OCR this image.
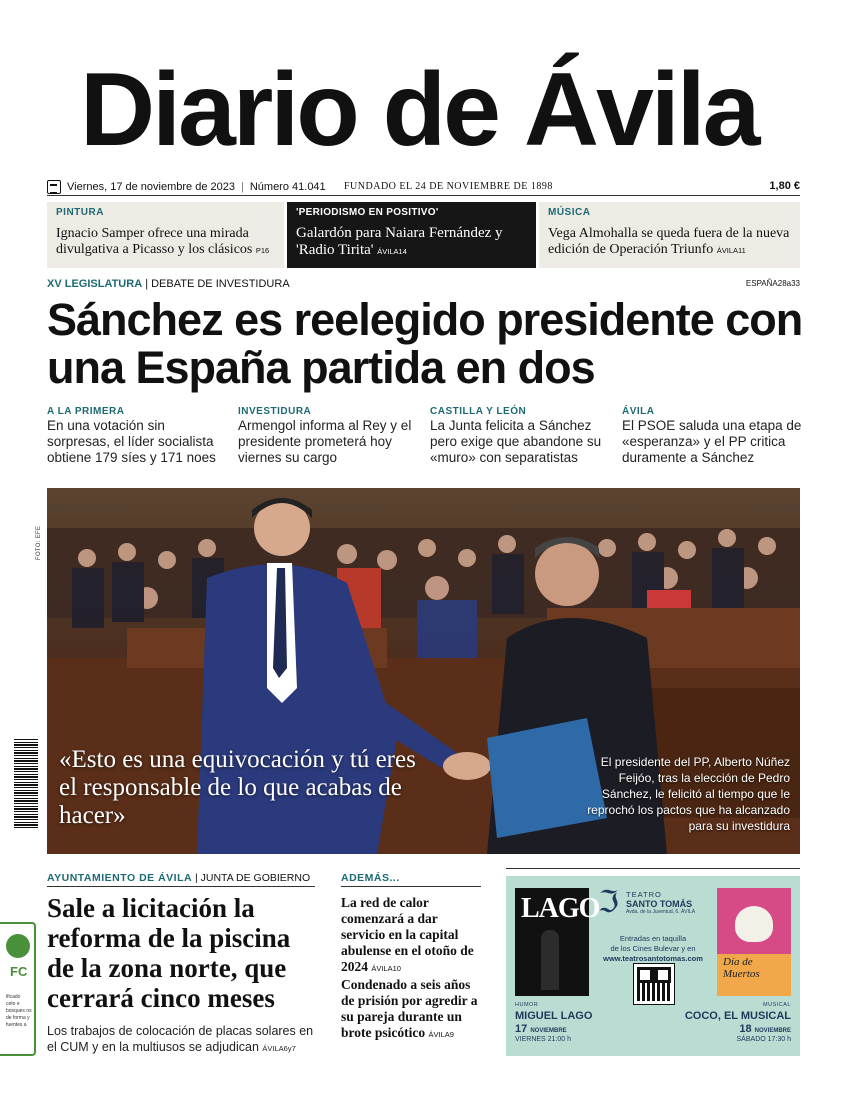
Diario de Ávila
Viernes, 17 de noviembre de 2023 | Número 41.041 FUNDADO EL 24 DE NOVIEMBRE DE 1898	1,80 €
PINTURA
Ignacio Samper ofrece una mirada divulgativa a Picasso y los clásicos P16
'PERIODISMO EN POSITIVO'
Galardón para Naiara Fernández y 'Radio Tirita' ÁVILA14
MÚSICA
Vega Almohalla se queda fuera de la nueva edición de Operación Triunfo ÁVILA11
XV LEGISLATURA | DEBATE DE INVESTIDURA	ESPAÑA28a33
Sánchez es reelegido presidente con una España partida en dos
A LA PRIMERA
En una votación sin sorpresas, el líder socialista obtiene 179 síes y 171 noes
INVESTIDURA
Armengol informa al Rey y el presidente prometerá hoy viernes su cargo
CASTILLA Y LEÓN
La Junta felicita a Sánchez pero exige que abandone su «muro» con separatistas
ÁVILA
El PSOE saluda una etapa de «esperanza» y el PP critica duramente a Sánchez
FOTO: EFE
«Esto es una equivocación y tú eres el responsable de lo que acabas de hacer»
El presidente del PP, Alberto Núñez Feijóo, tras la elección de Pedro Sánchez, le felicitó al tiempo que le reprochó los pactos que ha alcanzado para su investidura
FC
ificado
ceto e bosques os de forma y fuentes a
AYUNTAMIENTO DE ÁVILA | JUNTA DE GOBIERNO
Sale a licitación la reforma de la piscina de la zona norte, que cerrará cinco meses
Los trabajos de colocación de placas solares en el CUM y en la multiusos se adjudican ÁVILA6y7
ADEMÁS...
La red de calor comenzará a dar servicio en la capital abulense en el otoño de 2024 ÁVILA10
Condenado a seis años de prisión por agredir a su pareja durante un brote psicótico ÁVILA9
LAGO
ℑ TEATRO
SANTO TOMÁS
Avda. de la Juventud, 6. ÁVILA
Entradas en taquilla
de los Cines Bulevar y en
www.teatrosantotomas.com	Día de Muertos
HUMOR
MIGUEL LAGO
17 NOVIEMBRE
VIERNES 21:00 h
MUSICAL
COCO, EL MUSICAL
18 NOVIEMBRE
SÁBADO 17:30 h
